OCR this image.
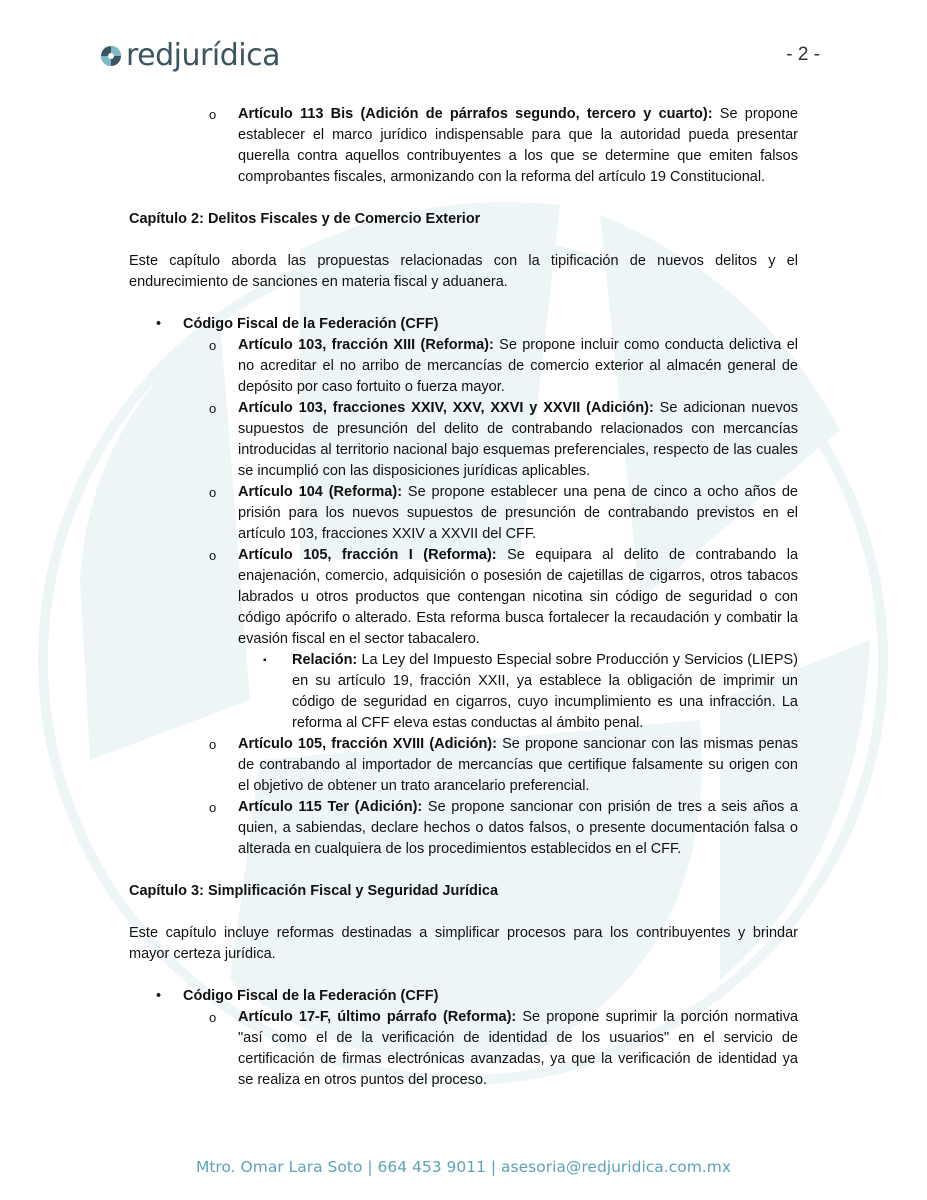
redjurídica	- 2 -

o Artículo 113 Bis (Adición de párrafos segundo, tercero y cuarto): Se propone establecer el marco jurídico indispensable para que la autoridad pueda presentar querella contra aquellos contribuyentes a los que se determine que emiten falsos comprobantes fiscales, armonizando con la reforma del artículo 19 Constitucional.

Capítulo 2: Delitos Fiscales y de Comercio Exterior

Este capítulo aborda las propuestas relacionadas con la tipificación de nuevos delitos y el endurecimiento de sanciones en materia fiscal y aduanera.

• Código Fiscal de la Federación (CFF)

o Artículo 103, fracción XIII (Reforma): Se propone incluir como conducta delictiva el no acreditar el no arribo de mercancías de comercio exterior al almacén general de depósito por caso fortuito o fuerza mayor.

o Artículo 103, fracciones XXIV, XXV, XXVI y XXVII (Adición): Se adicionan nuevos supuestos de presunción del delito de contrabando relacionados con mercancías introducidas al territorio nacional bajo esquemas preferenciales, respecto de las cuales se incumplió con las disposiciones jurídicas aplicables.

o Artículo 104 (Reforma): Se propone establecer una pena de cinco a ocho años de prisión para los nuevos supuestos de presunción de contrabando previstos en el artículo 103, fracciones XXIV a XXVII del CFF.

o Artículo 105, fracción I (Reforma): Se equipara al delito de contrabando la enajenación, comercio, adquisición o posesión de cajetillas de cigarros, otros tabacos labrados u otros productos que contengan nicotina sin código de seguridad o con código apócrifo o alterado. Esta reforma busca fortalecer la recaudación y combatir la evasión fiscal en el sector tabacalero.

▪ Relación: La Ley del Impuesto Especial sobre Producción y Servicios (LIEPS) en su artículo 19, fracción XXII, ya establece la obligación de imprimir un código de seguridad en cigarros, cuyo incumplimiento es una infracción. La reforma al CFF eleva estas conductas al ámbito penal.

o Artículo 105, fracción XVIII (Adición): Se propone sancionar con las mismas penas de contrabando al importador de mercancías que certifique falsamente su origen con el objetivo de obtener un trato arancelario preferencial.

o Artículo 115 Ter (Adición): Se propone sancionar con prisión de tres a seis años a quien, a sabiendas, declare hechos o datos falsos, o presente documentación falsa o alterada en cualquiera de los procedimientos establecidos en el CFF.

Capítulo 3: Simplificación Fiscal y Seguridad Jurídica

Este capítulo incluye reformas destinadas a simplificar procesos para los contribuyentes y brindar mayor certeza jurídica.

• Código Fiscal de la Federación (CFF)

o Artículo 17-F, último párrafo (Reforma): Se propone suprimir la porción normativa "así como el de la verificación de identidad de los usuarios" en el servicio de certificación de firmas electrónicas avanzadas, ya que la verificación de identidad ya se realiza en otros puntos del proceso.

Mtro. Omar Lara Soto | 664 453 9011 | asesoria@redjuridica.com.mx
